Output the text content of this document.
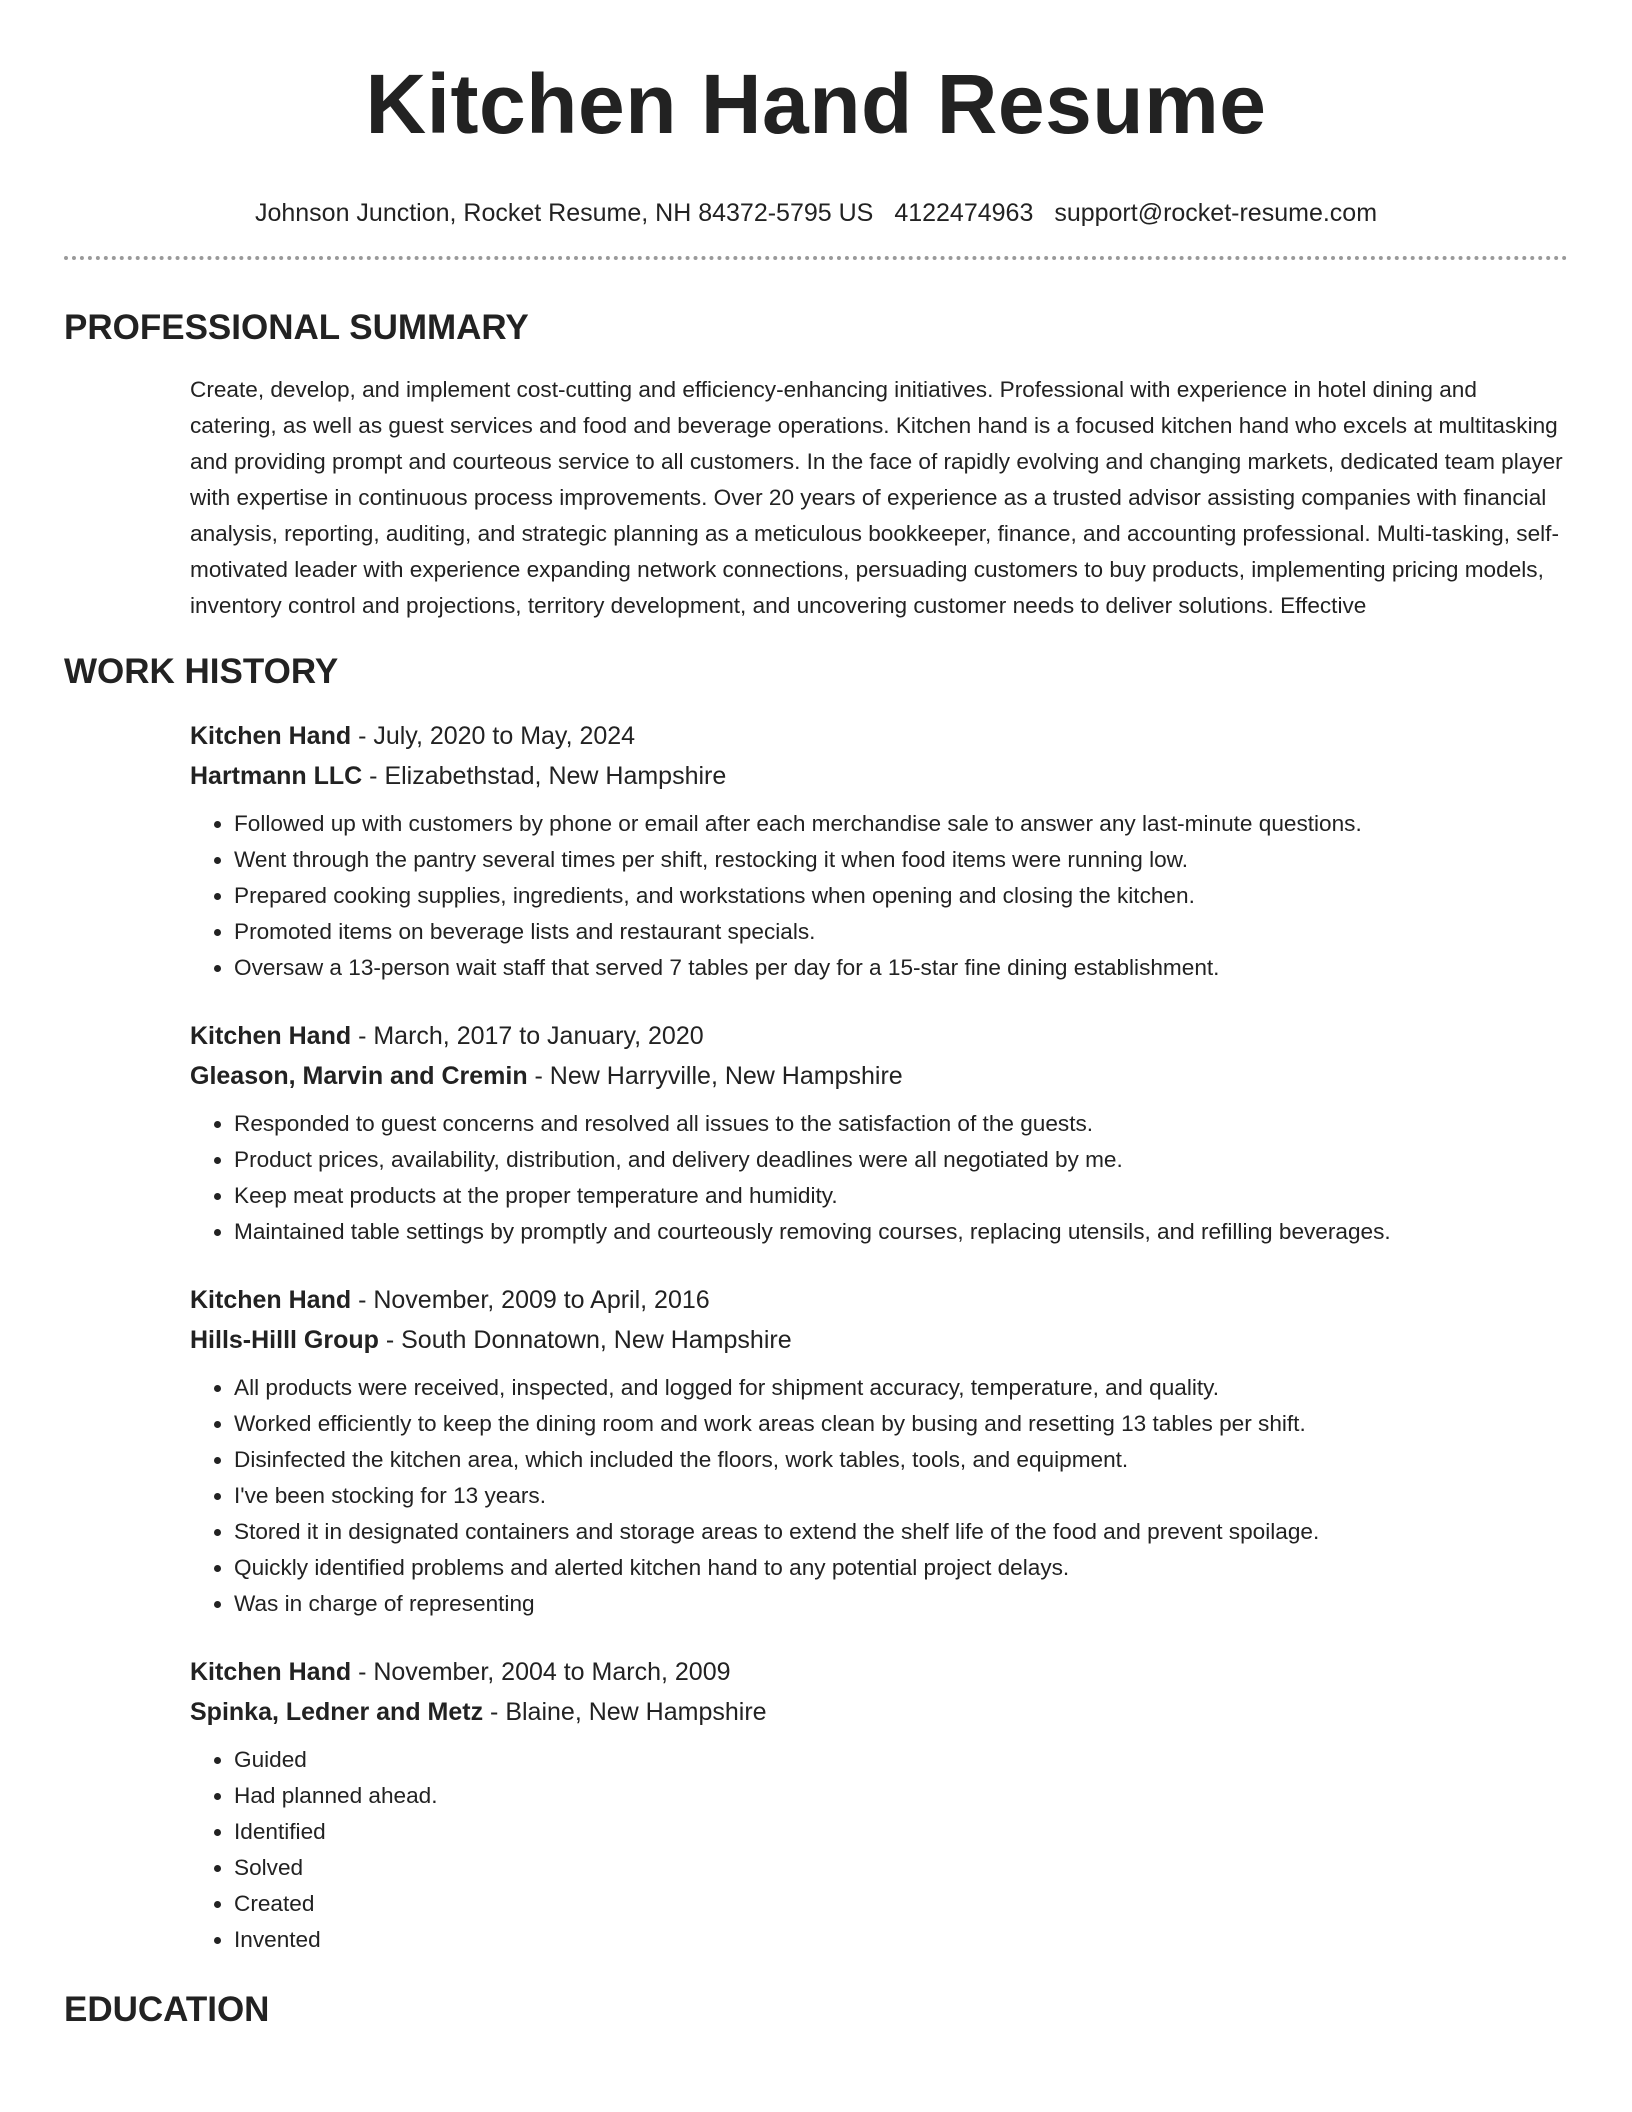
Kitchen Hand Resume
Johnson Junction, Rocket Resume, NH 84372-5795 US 4122474963 support@rocket-resume.com
PROFESSIONAL SUMMARY

Create, develop, and implement cost-cutting and efficiency-enhancing initiatives. Professional with experience in hotel dining and catering, as well as guest services and food and beverage operations. Kitchen hand is a focused kitchen hand who excels at multitasking and providing prompt and courteous service to all customers. In the face of rapidly evolving and changing markets, dedicated team player with expertise in continuous process improvements. Over 20 years of experience as a trusted advisor assisting companies with financial analysis, reporting, auditing, and strategic planning as a meticulous bookkeeper, finance, and accounting professional. Multi-tasking, self-motivated leader with experience expanding network connections, persuading customers to buy products, implementing pricing models, inventory control and projections, territory development, and uncovering customer needs to deliver solutions. Effective

WORK HISTORY
Kitchen Hand - July, 2020 to May, 2024
Hartmann LLC - Elizabethstad, New Hampshire
• Followed up with customers by phone or email after each merchandise sale to answer any last-minute questions.
• Went through the pantry several times per shift, restocking it when food items were running low.
• Prepared cooking supplies, ingredients, and workstations when opening and closing the kitchen.
• Promoted items on beverage lists and restaurant specials.
• Oversaw a 13-person wait staff that served 7 tables per day for a 15-star fine dining establishment.
Kitchen Hand - March, 2017 to January, 2020
Gleason, Marvin and Cremin - New Harryville, New Hampshire
• Responded to guest concerns and resolved all issues to the satisfaction of the guests.
• Product prices, availability, distribution, and delivery deadlines were all negotiated by me.
• Keep meat products at the proper temperature and humidity.
• Maintained table settings by promptly and courteously removing courses, replacing utensils, and refilling beverages.
Kitchen Hand - November, 2009 to April, 2016
Hills-Hilll Group - South Donnatown, New Hampshire
• All products were received, inspected, and logged for shipment accuracy, temperature, and quality.
• Worked efficiently to keep the dining room and work areas clean by busing and resetting 13 tables per shift.
• Disinfected the kitchen area, which included the floors, work tables, tools, and equipment.
• I've been stocking for 13 years.
• Stored it in designated containers and storage areas to extend the shelf life of the food and prevent spoilage.
• Quickly identified problems and alerted kitchen hand to any potential project delays.
• Was in charge of representing
Kitchen Hand - November, 2004 to March, 2009
Spinka, Ledner and Metz - Blaine, New Hampshire
• Guided
• Had planned ahead.
• Identified
• Solved
• Created
• Invented
EDUCATION
